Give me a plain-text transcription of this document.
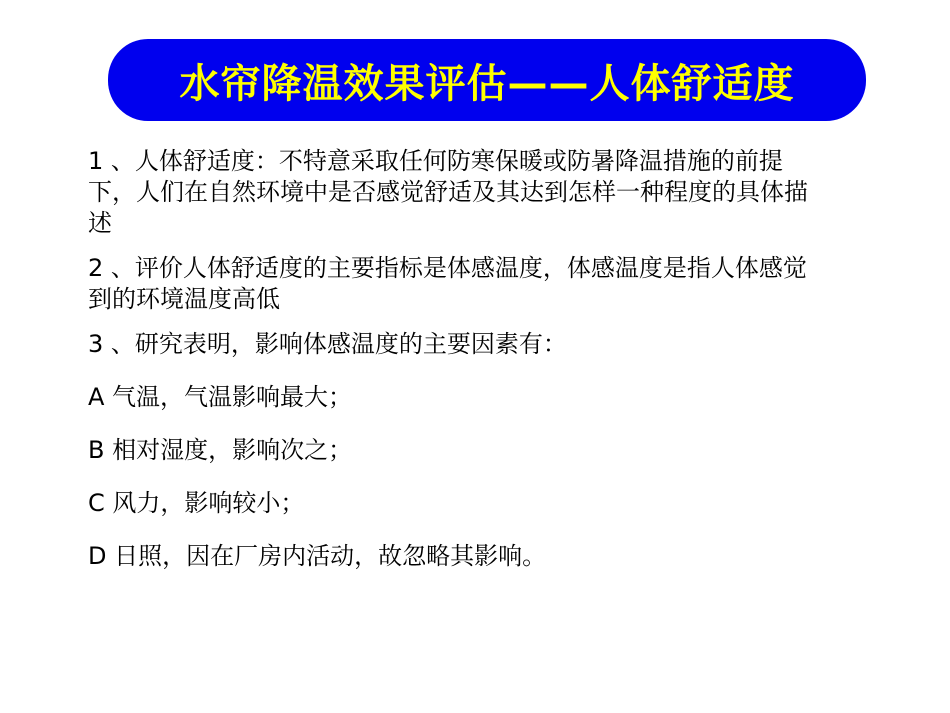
水帘降温效果评估——人体舒适度

1 、人体舒适度：不特意采取任何防寒保暖或防暑降温措施的前提下，人们在自然环境中是否感觉舒适及其达到怎样一种程度的具体描述

2 、评价人体舒适度的主要指标是体感温度，体感温度是指人体感觉到的环境温度高低

3 、研究表明，影响体感温度的主要因素有：

A 气温，气温影响最大；

B 相对湿度，影响次之；

C 风力，影响较小；

D 日照，因在厂房内活动，故忽略其影响。
